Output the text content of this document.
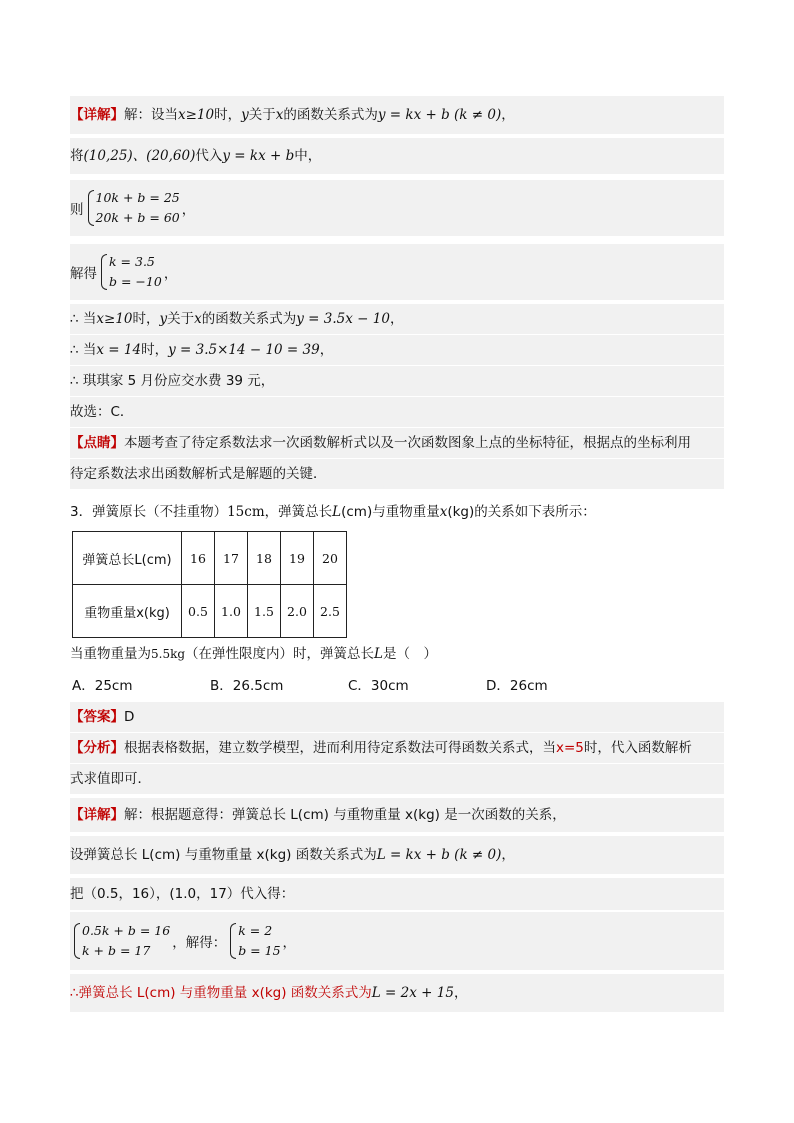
【详解】解：设当x≥10时，y关于x的函数关系式为y = kx + b (k ≠ 0)，
将(10,25)、(20,60)代入y = kx + b中，
则
10k + b = 25
20k + b = 60 ，
解得
k = 3.5
b = −10 ，
∴ 当x≥10时，y关于x的函数关系式为y = 3.5x − 10，
∴ 当x = 14时，y = 3.5×14 − 10 = 39，
∴ 琪琪家 5 月份应交水费 39 元，
故选：C．
【点睛】本题考查了待定系数法求一次函数解析式以及一次函数图象上点的坐标特征，根据点的坐标利用
待定系数法求出函数解析式是解题的关键．
3．弹簧原长（不挂重物）15cm，弹簧总长L(cm)与重物重量x(kg)的关系如下表所示：
弹簧总长L(cm)	16	17	18	19	20
重物重量x(kg)	0.5	1.0	1.5	2.0	2.5
当重物重量为5.5kg（在弹性限度内）时，弹簧总长L是（　）
A．25cm	B．26.5cm	C．30cm	D．26cm
【答案】D
【分析】根据表格数据，建立数学模型，进而利用待定系数法可得函数关系式，当x=5时，代入函数解析
式求值即可．
【详解】解：根据题意得：弹簧总长 L(cm) 与重物重量 x(kg) 是一次函数的关系，
设弹簧总长 L(cm) 与重物重量 x(kg) 函数关系式为L = kx + b (k ≠ 0)，
把（0.5，16），(1.0，17）代入得：
0.5k + b = 16
k + b = 17	，解得：
k = 2
b = 15 ，
∴弹簧总长 L(cm) 与重物重量 x(kg) 函数关系式为L = 2x + 15，
